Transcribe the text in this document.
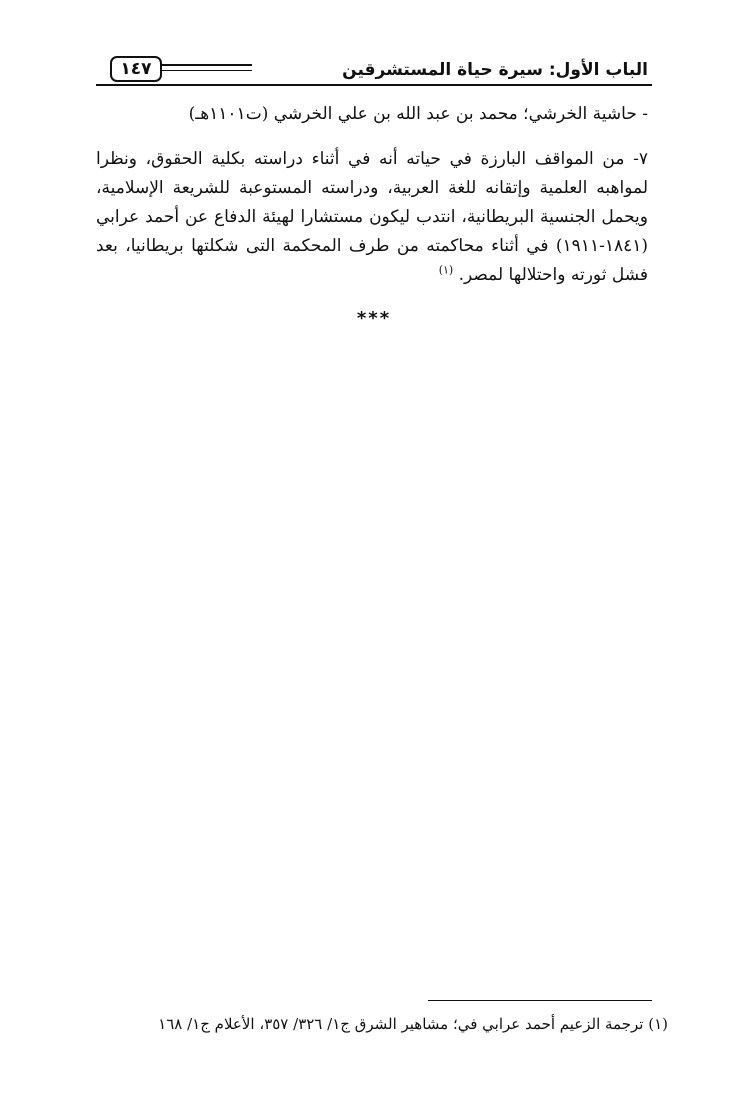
الباب الأول: سيرة حياة المستشرقين
١٤٧

- حاشية الخرشي؛ محمد بن عبد الله بن علي الخرشي (ت١١٠١هـ)

٧- من المواقف البارزة في حياته أنه في أثناء دراسته بكلية الحقوق، ونظرا لمواهبه العلمية وإتقانه للغة العربية، ودراسته المستوعبة للشريعة الإسلامية، ويحمل الجنسية البريطانية، انتدب ليكون مستشارا لهيئة الدفاع عن أحمد عرابي (١٨٤١-١٩١١) في أثناء محاكمته من طرف المحكمة التى شكلتها بريطانيا، بعد فشل ثورته واحتلالها لمصر. $^{(١)}$

***
(١) ترجمة الزعيم أحمد عرابي في؛ مشاهير الشرق ج١/ ٣٢٦/ ٣٥٧، الأعلام ج١/ ١٦٨
